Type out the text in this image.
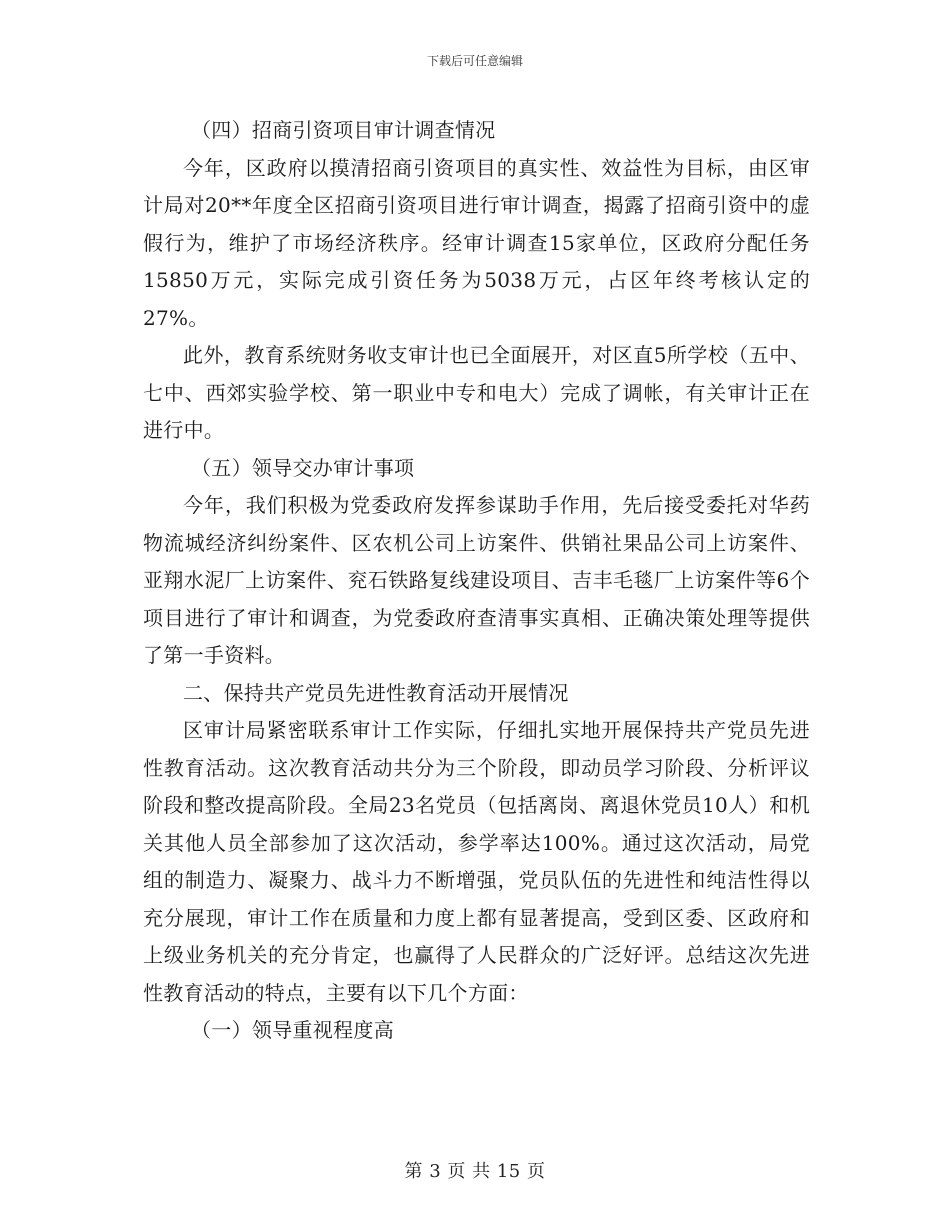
下载后可任意编辑

（四）招商引资项目审计调查情况

今年，区政府以摸清招商引资项目的真实性、效益性为目标，由区审计局对20**年度全区招商引资项目进行审计调查，揭露了招商引资中的虚假行为，维护了市场经济秩序。经审计调查15家单位，区政府分配任务15850万元，实际完成引资任务为5038万元，占区年终考核认定的27%。

此外，教育系统财务收支审计也已全面展开，对区直5所学校（五中、七中、西郊实验学校、第一职业中专和电大）完成了调帐，有关审计正在进行中。

（五）领导交办审计事项

今年，我们积极为党委政府发挥参谋助手作用，先后接受委托对华药物流城经济纠纷案件、区农机公司上访案件、供销社果品公司上访案件、亚翔水泥厂上访案件、兖石铁路复线建设项目、吉丰毛毯厂上访案件等6个项目进行了审计和调查，为党委政府查清事实真相、正确决策处理等提供了第一手资料。

二、保持共产党员先进性教育活动开展情况

区审计局紧密联系审计工作实际，仔细扎实地开展保持共产党员先进性教育活动。这次教育活动共分为三个阶段，即动员学习阶段、分析评议阶段和整改提高阶段。全局23名党员（包括离岗、离退休党员10人）和机关其他人员全部参加了这次活动，参学率达100%。通过这次活动，局党组的制造力、凝聚力、战斗力不断增强，党员队伍的先进性和纯洁性得以充分展现，审计工作在质量和力度上都有显著提高，受到区委、区政府和上级业务机关的充分肯定，也赢得了人民群众的广泛好评。总结这次先进性教育活动的特点，主要有以下几个方面：

（一）领导重视程度高

第 3 页 共 15 页
